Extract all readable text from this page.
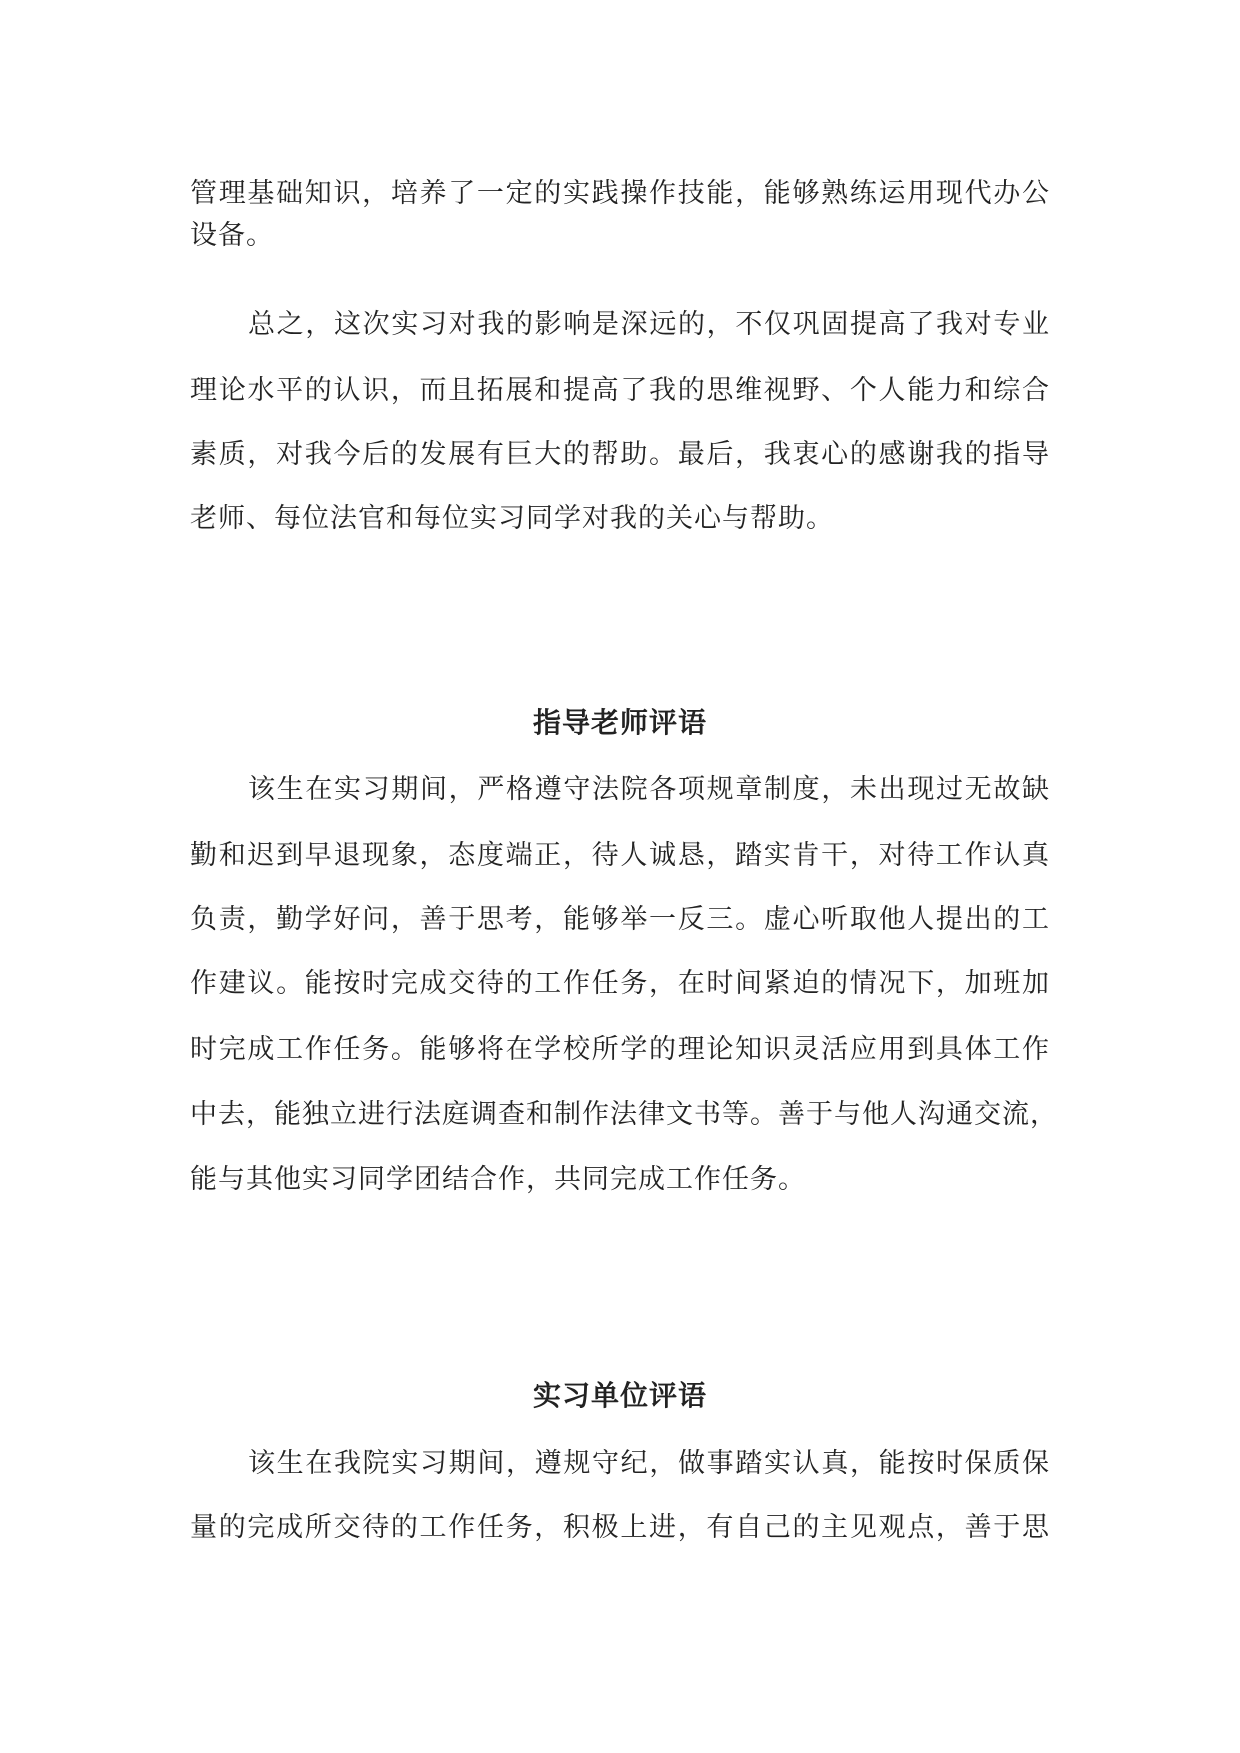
管理基础知识，培养了一定的实践操作技能，能够熟练运用现代办公
设备。
总之，这次实习对我的影响是深远的，不仅巩固提高了我对专业
理论水平的认识，而且拓展和提高了我的思维视野、个人能力和综合
素质，对我今后的发展有巨大的帮助。最后，我衷心的感谢我的指导
老师、每位法官和每位实习同学对我的关心与帮助。
指导老师评语
该生在实习期间，严格遵守法院各项规章制度，未出现过无故缺
勤和迟到早退现象，态度端正，待人诚恳，踏实肯干，对待工作认真
负责，勤学好问，善于思考，能够举一反三。虚心听取他人提出的工
作建议。能按时完成交待的工作任务，在时间紧迫的情况下，加班加
时完成工作任务。能够将在学校所学的理论知识灵活应用到具体工作
中去，能独立进行法庭调查和制作法律文书等。善于与他人沟通交流，
能与其他实习同学团结合作，共同完成工作任务。
实习单位评语
该生在我院实习期间，遵规守纪，做事踏实认真，能按时保质保
量的完成所交待的工作任务，积极上进，有自己的主见观点，善于思
